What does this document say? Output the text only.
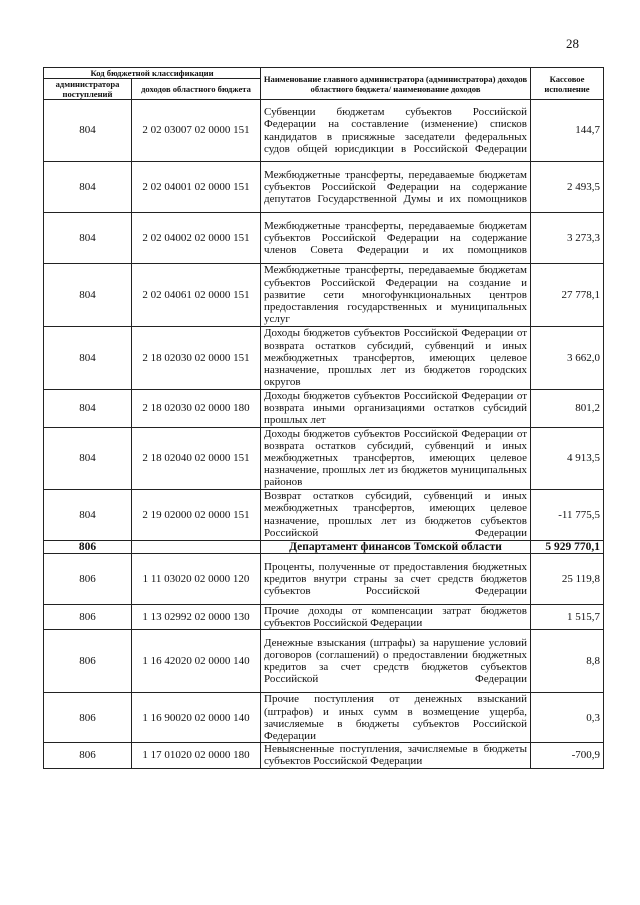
28
Код бюджетной классификации		Наименование главного администратора (администратора) доходов областного бюджета/ наименование доходов	Кассовое исполнение
администратора поступлений	доходов областного бюджета		
804	2 02 03007 02 0000 151	Субвенции бюджетам субъектов Российской Федерации на составление (изменение) списков кандидатов в присяжные заседатели федеральных судов общей юрисдикции в Российской Федерации	144,7
804	2 02 04001 02 0000 151	Межбюджетные трансферты, передаваемые бюджетам субъектов Российской Федерации на содержание депутатов Государственной Думы и их помощников	2 493,5
804	2 02 04002 02 0000 151	Межбюджетные трансферты, передаваемые бюджетам субъектов Российской Федерации на содержание членов Совета Федерации и их помощников	3 273,3
804	2 02 04061 02 0000 151	Межбюджетные трансферты, передаваемые бюджетам субъектов Российской Федерации на создание и развитие сети многофункциональных центров предоставления государственных и муниципальных услуг	27 778,1
804	2 18 02030 02 0000 151	Доходы бюджетов субъектов Российской Федерации от возврата остатков субсидий, субвенций и иных межбюджетных трансфертов, имеющих целевое назначение, прошлых лет из бюджетов городских округов	3 662,0
804	2 18 02030 02 0000 180	Доходы бюджетов субъектов Российской Федерации от возврата иными организациями остатков субсидий прошлых лет	801,2
804	2 18 02040 02 0000 151	Доходы бюджетов субъектов Российской Федерации от возврата остатков субсидий, субвенций и иных межбюджетных трансфертов, имеющих целевое назначение, прошлых лет из бюджетов муниципальных районов	4 913,5
804	2 19 02000 02 0000 151	Возврат остатков субсидий, субвенций и иных межбюджетных трансфертов, имеющих целевое назначение, прошлых лет из бюджетов субъектов Российской Федерации	-11 775,5
806		Департамент финансов Томской области	5 929 770,1
806	1 11 03020 02 0000 120	Проценты, полученные от предоставления бюджетных кредитов внутри страны за счет средств бюджетов субъектов Российской Федерации	25 119,8
806	1 13 02992 02 0000 130	Прочие доходы от компенсации затрат бюджетов субъектов Российской Федерации	1 515,7
806	1 16 42020 02 0000 140	Денежные взыскания (штрафы) за нарушение условий договоров (соглашений) о предоставлении бюджетных кредитов за счет средств бюджетов субъектов Российской Федерации	8,8
806	1 16 90020 02 0000 140	Прочие поступления от денежных взысканий (штрафов) и иных сумм в возмещение ущерба, зачисляемые в бюджеты субъектов Российской Федерации	0,3
806	1 17 01020 02 0000 180	Невыясненные поступления, зачисляемые в бюджеты субъектов Российской Федерации	-700,9
